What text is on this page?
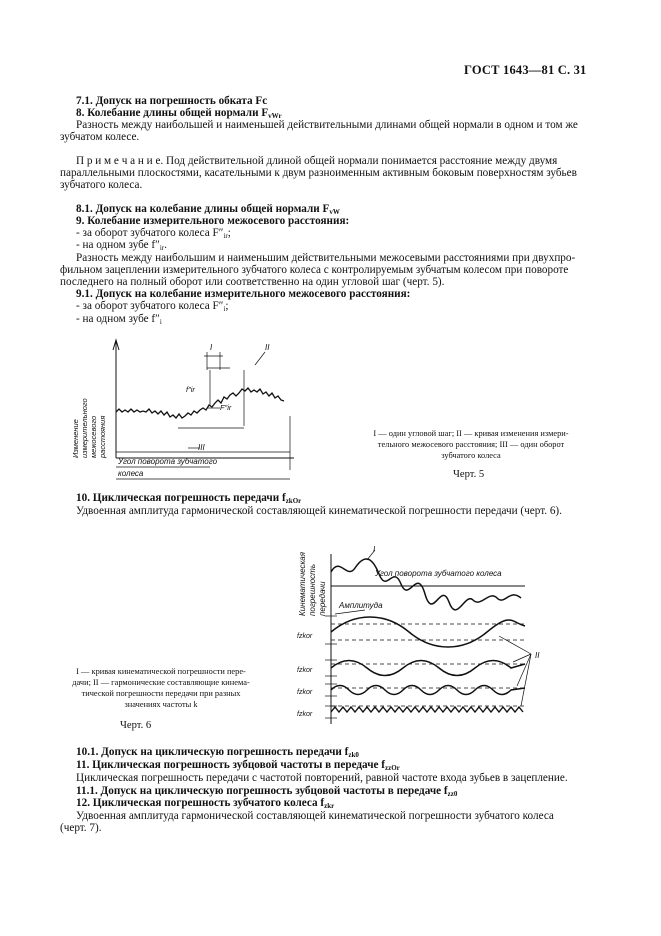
ГОСТ 1643—81 С. 31
7.1. Допуск на погрешность обката Fc
8. Колебание длины общей нормали $F_{vWr}$
Разность между наибольшей и наименьшей действительными длинами общей нормали в одном и том же
зубчатом колесе.
П р и м е ч а н и е. Под действительной длиной общей нормали понимается расстояние между двумя
параллельными плоскостями, касательными к двум разноименным активным боковым поверхностям зубьев
зубчатого колеса.
8.1. Допуск на колебание длины общей нормали $F_{vW}$
9. Колебание измерительного межосевого расстояния:
- за оборот зубчатого колеса $F''_{ir}$;
- на одном зубе $f''_{ir}$.
Разность между наибольшим и наименьшим действительными межосевыми расстояниями при двухпро-
фильном зацеплении измерительного зубчатого колеса с контролируемым зубчатым колесом при повороте
последнего на полный оборот или соответственно на один угловой шаг (черт. 5).
9.1. Допуск на колебание измерительного межосевого расстояния:
- за оборот зубчатого колеса $F''_i$;
- на одном зубе $f''_i$
I	II
III
f″ir
F″ir
Изменение измерительного межосевого расстояния
Угол поворота зубчатого
колеса
I — один угловой шаг; II — кривая изменения измери-
тельного межосевого расстояния; III — один оборот
зубчатого колеса
Черт. 5
10. Циклическая погрешность передачи $f_{zkOr}$
Удвоенная амплитуда гармонической составляющей кинематической погрешности передачи (черт. 6).
Угол поворота зубчатого колеса
Амплитуда
I
II
fzkor
fzkor
fzkor
fzkor
Кинематическая погрешность передачи
I — кривая кинематической погрешности пере-
дачи; II — гармонические составляющие кинема-
тической погрешности передачи при разных
значениях частоты k
Черт. 6
10.1. Допуск на циклическую погрешность передачи $f_{zk0}$
11. Циклическая погрешность зубцовой частоты в передаче $f_{zzOr}$
Циклическая погрешность передачи с частотой повторений, равной частоте входа зубьев в зацепление.
11.1. Допуск на циклическую погрешность зубцовой частоты в передаче $f_{zz0}$
12. Циклическая погрешность зубчатого колеса $f_{zkr}$
Удвоенная амплитуда гармонической составляющей кинематической погрешности зубчатого колеса
(черт. 7).
